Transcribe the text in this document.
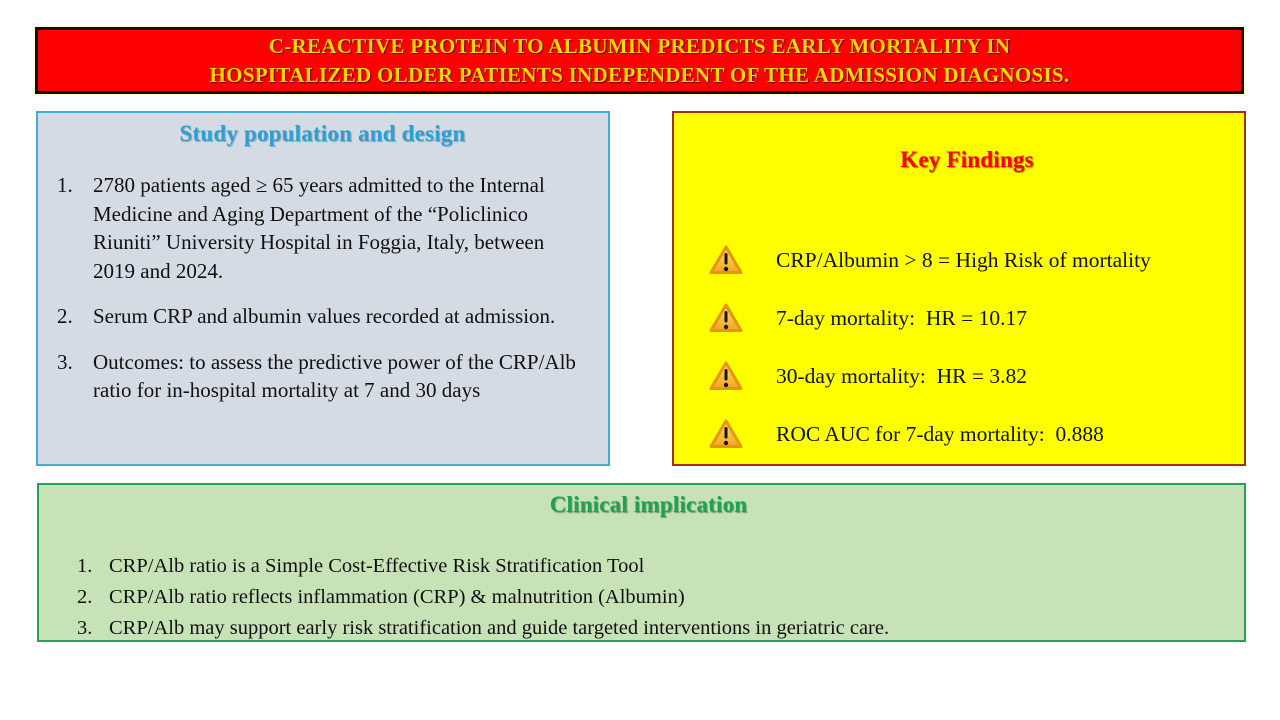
C-REACTIVE PROTEIN TO ALBUMIN PREDICTS EARLY MORTALITY IN
HOSPITALIZED OLDER PATIENTS INDEPENDENT OF THE ADMISSION DIAGNOSIS.
Study population and design
1. 2780 patients aged ≥ 65 years admitted to the Internal Medicine and Aging Department of the “Policlinico Riuniti” University Hospital in Foggia, Italy, between 2019 and 2024.
2. Serum CRP and albumin values recorded at admission.
3. Outcomes: to assess the predictive power of the CRP/Alb ratio for in-hospital mortality at 7 and 30 days
Key Findings
CRP/Albumin > 8 = High Risk of mortality
7-day mortality:  HR = 10.17
30-day mortality:  HR = 3.82
ROC AUC for 7-day mortality:  0.888
Clinical implication
1. CRP/Alb ratio is a Simple Cost-Effective Risk Stratification Tool
2. CRP/Alb ratio reflects inflammation (CRP) & malnutrition (Albumin)
3. CRP/Alb may support early risk stratification and guide targeted interventions in geriatric care.
